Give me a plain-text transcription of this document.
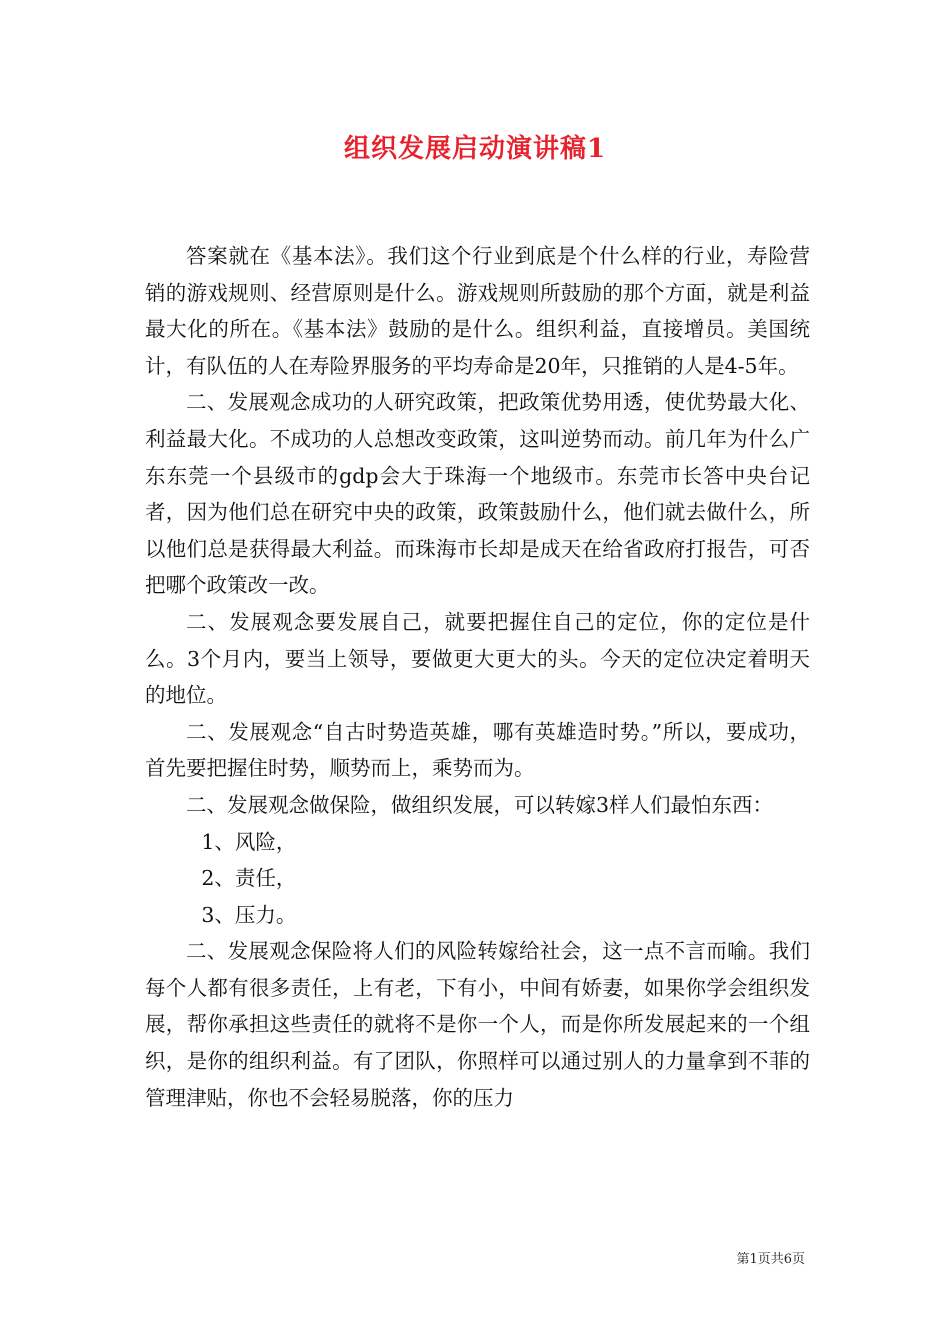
组织发展启动演讲稿1

答案就在《基本法》。我们这个行业到底是个什么样的行业，寿险营销的游戏规则、经营原则是什么。游戏规则所鼓励的那个方面，就是利益最大化的所在。《基本法》鼓励的是什么。组织利益，直接增员。美国统计，有队伍的人在寿险界服务的平均寿命是20年，只推销的人是4-5年。

二、发展观念成功的人研究政策，把政策优势用透，使优势最大化、利益最大化。不成功的人总想改变政策，这叫逆势而动。前几年为什么广东东莞一个县级市的gdp会大于珠海一个地级市。东莞市长答中央台记者，因为他们总在研究中央的政策，政策鼓励什么，他们就去做什么，所以他们总是获得最大利益。而珠海市长却是成天在给省政府打报告，可否把哪个政策改一改。

二、发展观念要发展自己，就要把握住自己的定位，你的定位是什么。3个月内，要当上领导，要做更大更大的头。今天的定位决定着明天的地位。

二、发展观念“自古时势造英雄，哪有英雄造时势。”所以，要成功，首先要把握住时势，顺势而上，乘势而为。

二、发展观念做保险，做组织发展，可以转嫁3样人们最怕东西：

1、风险，

2、责任，

3、压力。

二、发展观念保险将人们的风险转嫁给社会，这一点不言而喻。我们每个人都有很多责任，上有老，下有小，中间有娇妻，如果你学会组织发展，帮你承担这些责任的就将不是你一个人，而是你所发展起来的一个组织，是你的组织利益。有了团队，你照样可以通过别人的力量拿到不菲的管理津贴，你也不会轻易脱落，你的压力

第1页共6页
